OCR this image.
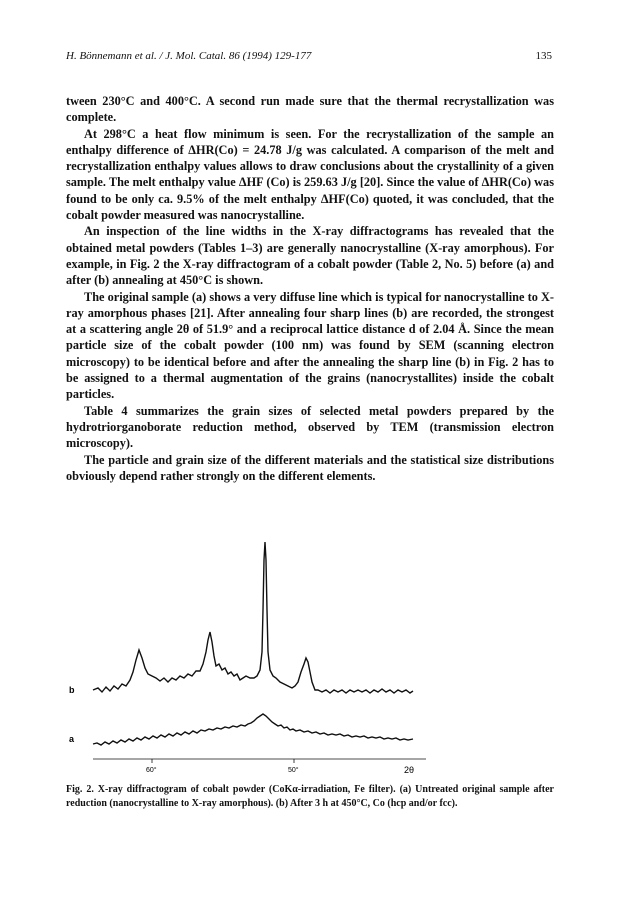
H. Bönnemann et al. / J. Mol. Catal. 86 (1994) 129-177	135

tween 230°C and 400°C. A second run made sure that the thermal recrystallization was complete.

At 298°C a heat flow minimum is seen. For the recrystallization of the sample an enthalpy difference of ΔHR(Co) = 24.78 J/g was calculated. A comparison of the melt and recrystallization enthalpy values allows to draw conclusions about the crystallinity of a given sample. The melt enthalpy value ΔHF (Co) is 259.63 J/g [20]. Since the value of ΔHR(Co) was found to be only ca. 9.5% of the melt enthalpy ΔHF(Co) quoted, it was concluded, that the cobalt powder measured was nanocrystalline.

An inspection of the line widths in the X-ray diffractograms has revealed that the obtained metal powders (Tables 1–3) are generally nanocrystalline (X-ray amorphous). For example, in Fig. 2 the X-ray diffractogram of a cobalt powder (Table 2, No. 5) before (a) and after (b) annealing at 450°C is shown.

The original sample (a) shows a very diffuse line which is typical for nanocrystalline to X-ray amorphous phases [21]. After annealing four sharp lines (b) are recorded, the strongest at a scattering angle 2θ of 51.9° and a reciprocal lattice distance d of 2.04 Å. Since the mean particle size of the cobalt powder (100 nm) was found by SEM (scanning electron microscopy) to be identical before and after the annealing the sharp line (b) in Fig. 2 has to be assigned to a thermal augmentation of the grains (nanocrystallites) inside the cobalt particles.

Table 4 summarizes the grain sizes of selected metal powders prepared by the hydrotriorganoborate reduction method, observed by TEM (transmission electron microscopy).

The particle and grain size of the different materials and the statistical size distributions obviously depend rather strongly on the different elements.

b
a
60°	50°	2θ
Fig. 2. X-ray diffractogram of cobalt powder (CoKα-irradiation, Fe filter). (a) Untreated original sample after reduction (nanocrystalline to X-ray amorphous). (b) After 3 h at 450°C, Co (hcp and/or fcc).
